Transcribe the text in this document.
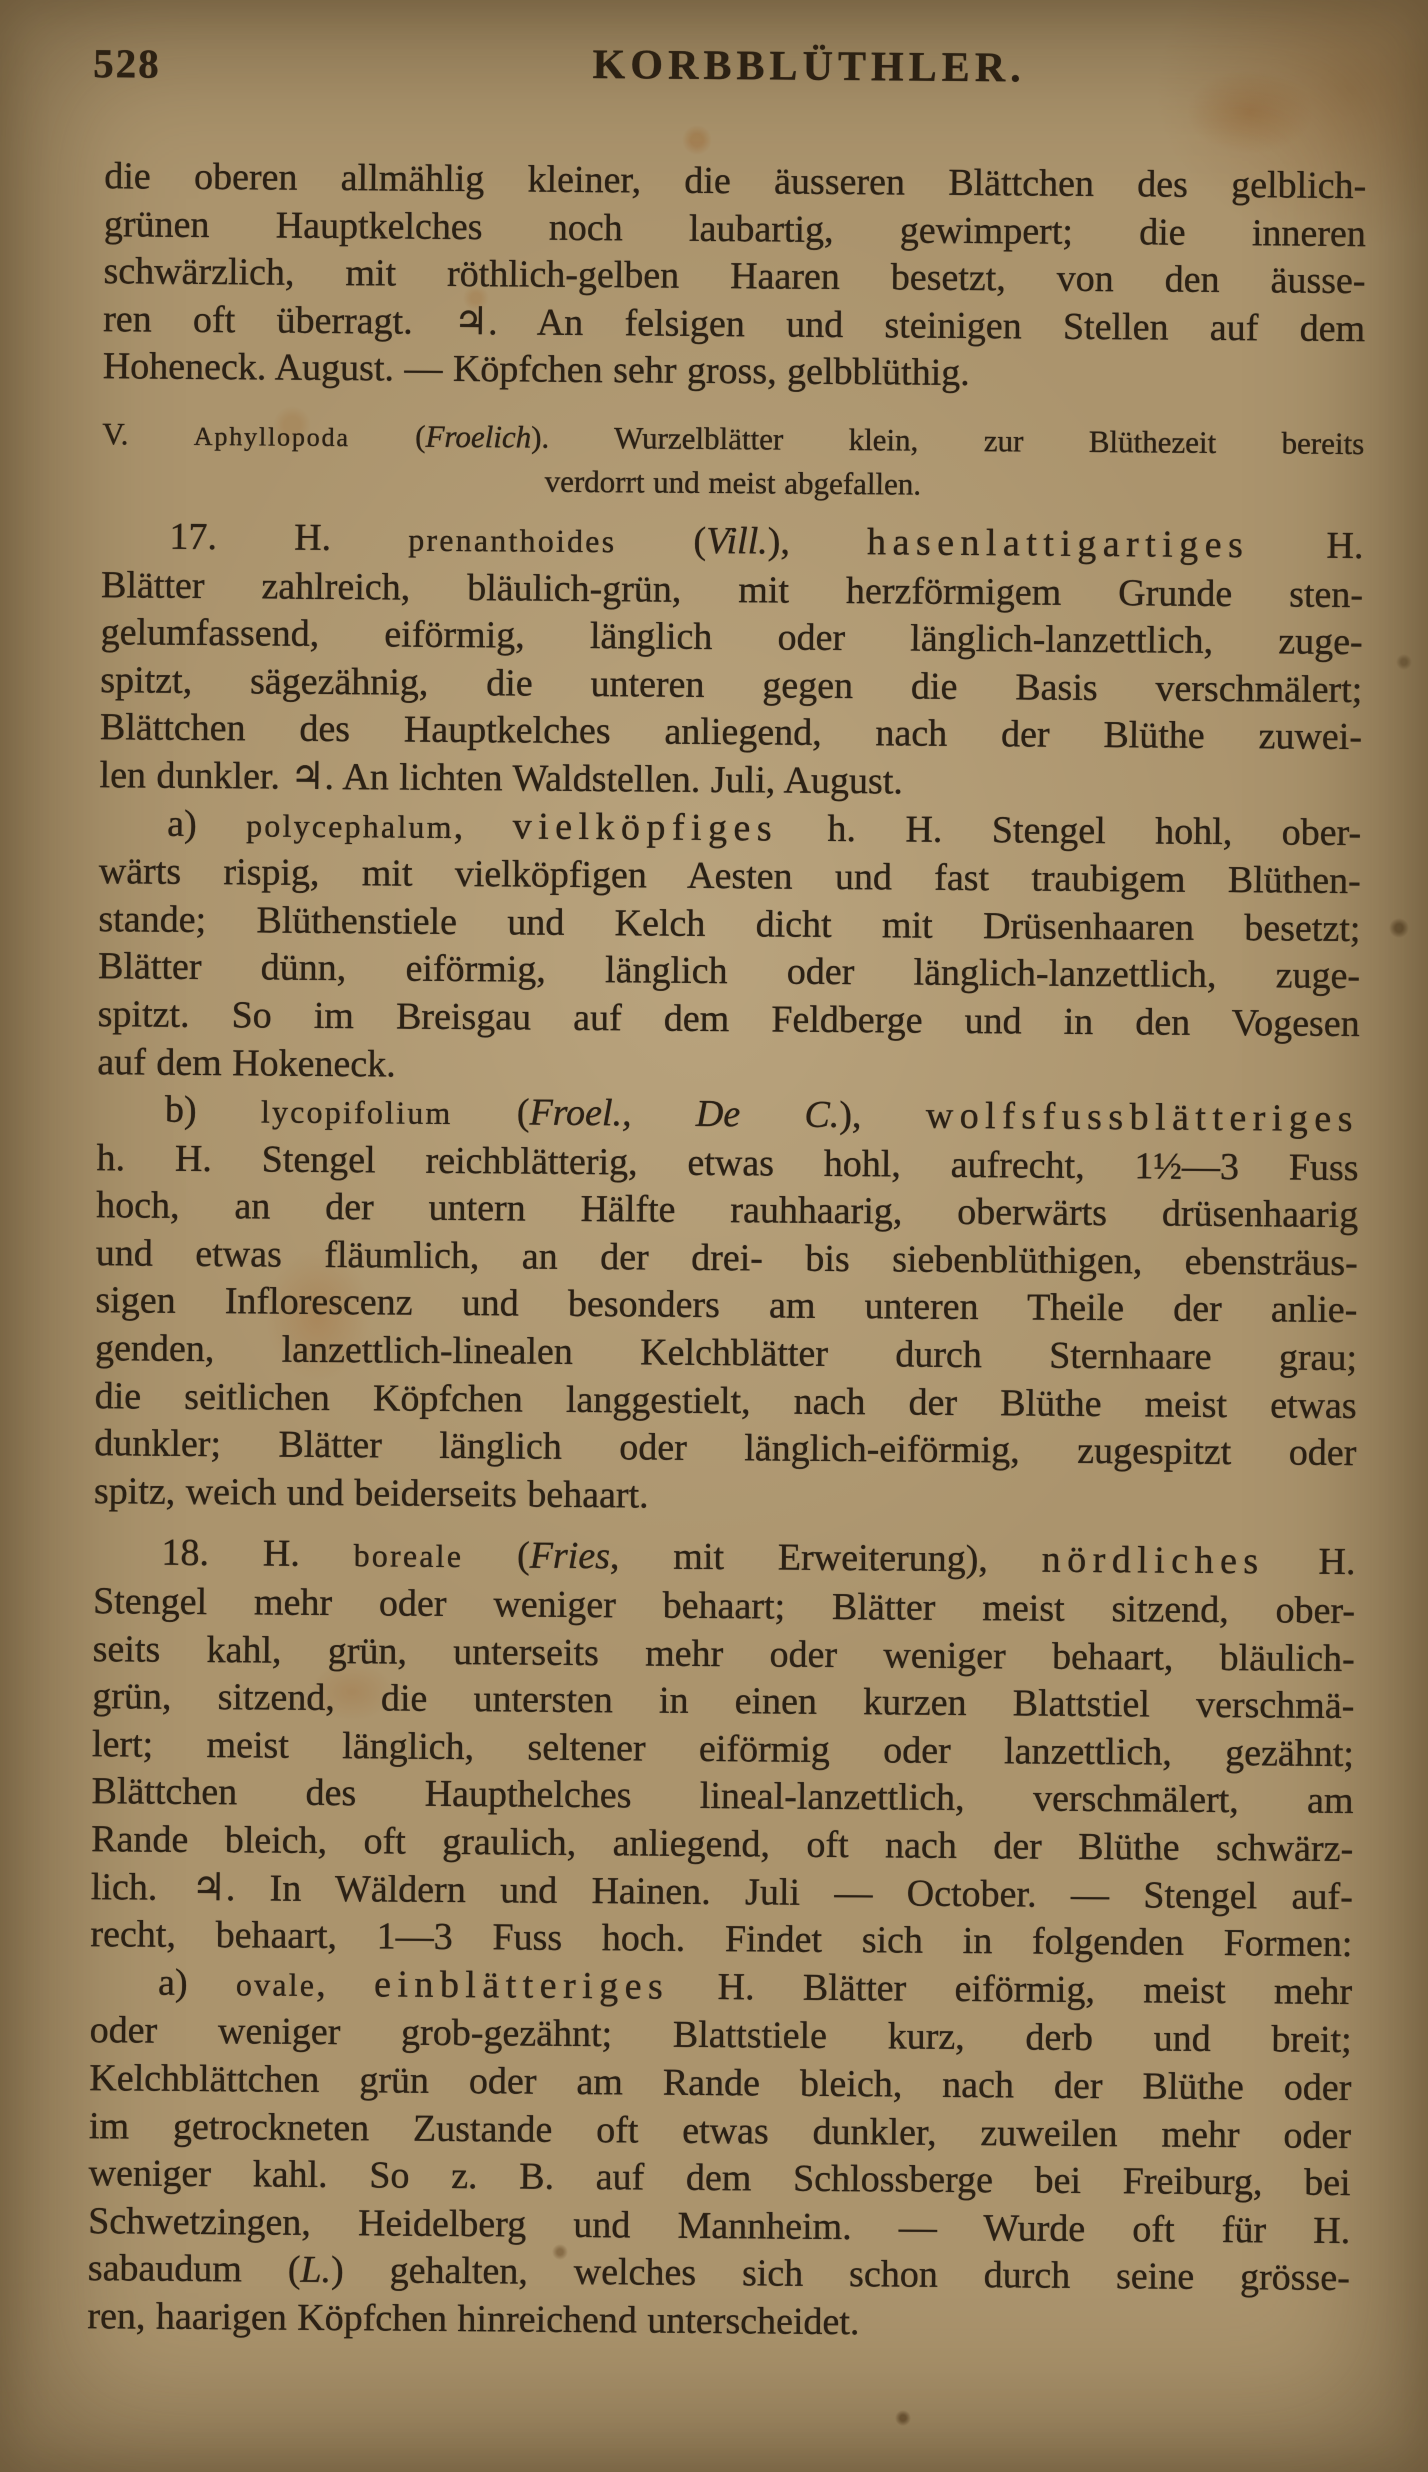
528	KORBBLÜTHLER.
die oberen allmählig kleiner, die äusseren Blättchen des gelblich-
grünen Hauptkelches noch laubartig, gewimpert; die inneren
schwärzlich, mit röthlich-gelben Haaren besetzt, von den äusse-
ren oft überragt. ♃. An felsigen und steinigen Stellen auf dem
Hoheneck. August. — Köpfchen sehr gross, gelbblüthig.
V. Aphyllopoda (Froelich). Wurzelblätter klein, zur Blüthezeit bereits
verdorrt und meist abgefallen.
17. H. prenanthoides (Vill.), hasenlattigartiges H.
Blätter zahlreich, bläulich-grün, mit herzförmigem Grunde sten-
gelumfassend, eiförmig, länglich oder länglich-lanzettlich, zuge-
spitzt, sägezähnig, die unteren gegen die Basis verschmälert;
Blättchen des Hauptkelches anliegend, nach der Blüthe zuwei-
len dunkler. ♃. An lichten Waldstellen. Juli, August.
a) polycephalum, vielköpfiges h. H. Stengel hohl, ober-
wärts rispig, mit vielköpfigen Aesten und fast traubigem Blüthen-
stande; Blüthenstiele und Kelch dicht mit Drüsenhaaren besetzt;
Blätter dünn, eiförmig, länglich oder länglich-lanzettlich, zuge-
spitzt. So im Breisgau auf dem Feldberge und in den Vogesen
auf dem Hokeneck.
b) lycopifolium (Froel., De C.), wolfsfussblätteriges
h. H. Stengel reichblätterig, etwas hohl, aufrecht, 1½—3 Fuss
hoch, an der untern Hälfte rauhhaarig, oberwärts drüsenhaarig
und etwas fläumlich, an der drei- bis siebenblüthigen, ebensträus-
sigen Inflorescenz und besonders am unteren Theile der anlie-
genden, lanzettlich-linealen Kelchblätter durch Sternhaare grau;
die seitlichen Köpfchen langgestielt, nach der Blüthe meist etwas
dunkler; Blätter länglich oder länglich-eiförmig, zugespitzt oder
spitz, weich und beiderseits behaart.
18. H. boreale (Fries, mit Erweiterung), nördliches H.
Stengel mehr oder weniger behaart; Blätter meist sitzend, ober-
seits kahl, grün, unterseits mehr oder weniger behaart, bläulich-
grün, sitzend, die untersten in einen kurzen Blattstiel verschmä-
lert; meist länglich, seltener eiförmig oder lanzettlich, gezähnt;
Blättchen des Haupthelches lineal-lanzettlich, verschmälert, am
Rande bleich, oft graulich, anliegend, oft nach der Blüthe schwärz-
lich. ♃. In Wäldern und Hainen. Juli — October. — Stengel auf-
recht, behaart, 1—3 Fuss hoch. Findet sich in folgenden Formen:
a) ovale, einblätteriges H. Blätter eiförmig, meist mehr
oder weniger grob-gezähnt; Blattstiele kurz, derb und breit;
Kelchblättchen grün oder am Rande bleich, nach der Blüthe oder
im getrockneten Zustande oft etwas dunkler, zuweilen mehr oder
weniger kahl. So z. B. auf dem Schlossberge bei Freiburg, bei
Schwetzingen, Heidelberg und Mannheim. — Wurde oft für H.
sabaudum (L.) gehalten, welches sich schon durch seine grösse-
ren, haarigen Köpfchen hinreichend unterscheidet.
